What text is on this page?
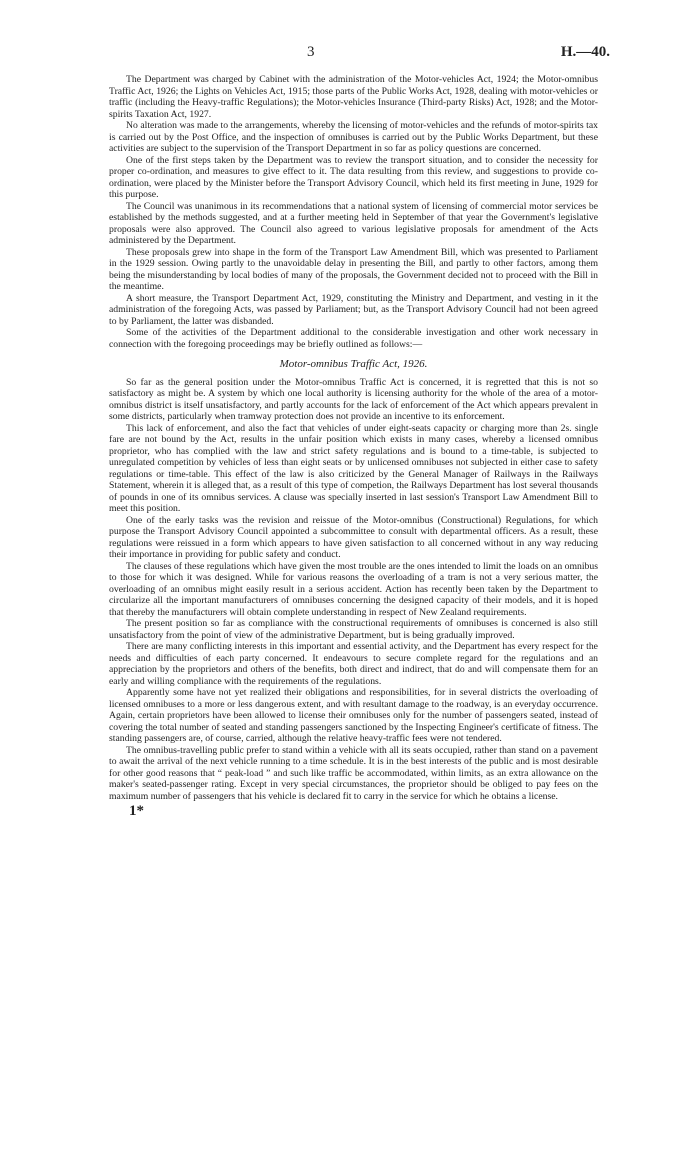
3	H.—40.

The Department was charged by Cabinet with the administration of the Motor-vehicles Act, 1924; the Motor-omnibus Traffic Act, 1926; the Lights on Vehicles Act, 1915; those parts of the Public Works Act, 1928, dealing with motor-vehicles or traffic (including the Heavy-traffic Regulations); the Motor-vehicles Insurance (Third-party Risks) Act, 1928; and the Motor-spirits Taxation Act, 1927.

No alteration was made to the arrangements, whereby the licensing of motor-vehicles and the refunds of motor-spirits tax is carried out by the Post Office, and the inspection of omnibuses is carried out by the Public Works Department, but these activities are subject to the supervision of the Transport Department in so far as policy questions are concerned.

One of the first steps taken by the Department was to review the transport situation, and to consider the necessity for proper co-ordination, and measures to give effect to it. The data resulting from this review, and suggestions to provide co-ordination, were placed by the Minister before the Transport Advisory Council, which held its first meeting in June, 1929 for this purpose.

The Council was unanimous in its recommendations that a national system of licensing of commercial motor services be established by the methods suggested, and at a further meeting held in September of that year the Government's legislative proposals were also approved. The Council also agreed to various legislative proposals for amendment of the Acts administered by the Department.

These proposals grew into shape in the form of the Transport Law Amendment Bill, which was presented to Parliament in the 1929 session. Owing partly to the unavoidable delay in presenting the Bill, and partly to other factors, among them being the misunderstanding by local bodies of many of the proposals, the Government decided not to proceed with the Bill in the meantime.

A short measure, the Transport Department Act, 1929, constituting the Ministry and Department, and vesting in it the administration of the foregoing Acts, was passed by Parliament; but, as the Transport Advisory Council had not been agreed to by Parliament, the latter was disbanded.

Some of the activities of the Department additional to the considerable investigation and other work necessary in connection with the foregoing proceedings may be briefly outlined as follows:—

Motor-omnibus Traffic Act, 1926.

So far as the general position under the Motor-omnibus Traffic Act is concerned, it is regretted that this is not so satisfactory as might be. A system by which one local authority is licensing authority for the whole of the area of a motor-omnibus district is itself unsatisfactory, and partly accounts for the lack of enforcement of the Act which appears prevalent in some districts, particularly when tramway protection does not provide an incentive to its enforcement.

This lack of enforcement, and also the fact that vehicles of under eight-seats capacity or charging more than 2s. single fare are not bound by the Act, results in the unfair position which exists in many cases, whereby a licensed omnibus proprietor, who has complied with the law and strict safety regulations and is bound to a time-table, is subjected to unregulated competition by vehicles of less than eight seats or by unlicensed omnibuses not subjected in either case to safety regulations or time-table. This effect of the law is also criticized by the General Manager of Railways in the Railways Statement, wherein it is alleged that, as a result of this type of competion, the Railways Department has lost several thousands of pounds in one of its omnibus services. A clause was specially inserted in last session's Transport Law Amendment Bill to meet this position.

One of the early tasks was the revision and reissue of the Motor-omnibus (Constructional) Regulations, for which purpose the Transport Advisory Council appointed a subcommittee to consult with departmental officers. As a result, these regulations were reissued in a form which appears to have given satisfaction to all concerned without in any way reducing their importance in providing for public safety and conduct.

The clauses of these regulations which have given the most trouble are the ones intended to limit the loads on an omnibus to those for which it was designed. While for various reasons the overloading of a tram is not a very serious matter, the overloading of an omnibus might easily result in a serious accident. Action has recently been taken by the Department to circularize all the important manufacturers of omnibuses concerning the designed capacity of their models, and it is hoped that thereby the manufacturers will obtain complete understanding in respect of New Zealand requirements.

The present position so far as compliance with the constructional requirements of omnibuses is concerned is also still unsatisfactory from the point of view of the administrative Department, but is being gradually improved.

There are many conflicting interests in this important and essential activity, and the Department has every respect for the needs and difficulties of each party concerned. It endeavours to secure complete regard for the regulations and an appreciation by the proprietors and others of the benefits, both direct and indirect, that do and will compensate them for an early and willing compliance with the requirements of the regulations.

Apparently some have not yet realized their obligations and responsibilities, for in several districts the overloading of licensed omnibuses to a more or less dangerous extent, and with resultant damage to the roadway, is an everyday occurrence. Again, certain proprietors have been allowed to license their omnibuses only for the number of passengers seated, instead of covering the total number of seated and standing passengers sanctioned by the Inspecting Engineer's certificate of fitness. The standing passengers are, of course, carried, although the relative heavy-traffic fees were not tendered.

The omnibus-travelling public prefer to stand within a vehicle with all its seats occupied, rather than stand on a pavement to await the arrival of the next vehicle running to a time schedule. It is in the best interests of the public and is most desirable for other good reasons that “ peak-load ” and such like traffic be accommodated, within limits, as an extra allowance on the maker's seated-passenger rating. Except in very special circumstances, the proprietor should be obliged to pay fees on the maximum number of passengers that his vehicle is declared fit to carry in the service for which he obtains a license.

1*
